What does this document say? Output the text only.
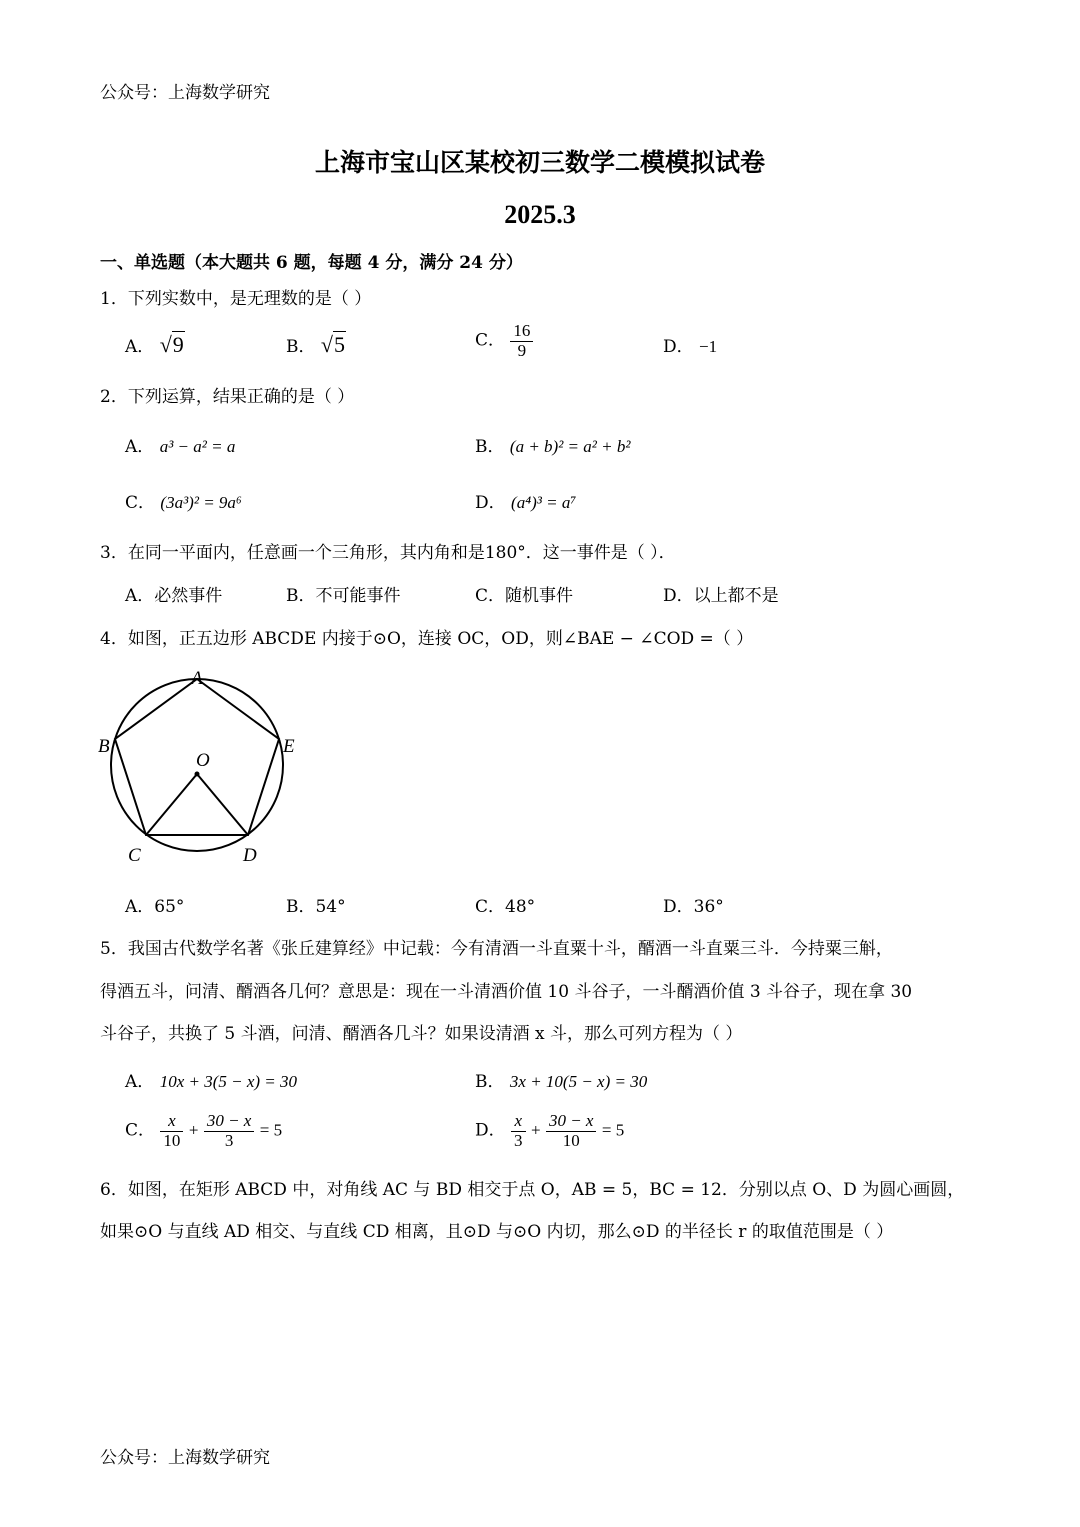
公众号：上海数学研究
上海市宝山区某校初三数学二模模拟试卷
2025.3
一、单选题（本大题共 6 题，每题 4 分，满分 24 分）
1．下列实数中，是无理数的是（ ）
A． √9	B． √5	C． $\frac{16}{9}$	D． −1
2．下列运算，结果正确的是（ ）
A． a³ − a² = a	B． (a + b)² = a² + b²
C． (3a³)² = 9a⁶	D． (a⁴)³ = a⁷
3．在同一平面内，任意画一个三角形，其内角和是180°．这一事件是（ ）．
A．必然事件	B．不可能事件	C．随机事件	D．以上都不是
4．如图，正五边形 ABCDE 内接于⊙O，连接 OC，OD，则∠BAE − ∠COD =（ ）
A
B
C	D
E
O
A．65°	B．54°	C．48°	D．36°
5．我国古代数学名著《张丘建算经》中记载：今有清酒一斗直粟十斗，醑酒一斗直粟三斗．今持粟三斛，
得酒五斗，问清、醑酒各几何？意思是：现在一斗清酒价值 10 斗谷子，一斗醑酒价值 3 斗谷子，现在拿 30
斗谷子，共换了 5 斗酒，问清、醑酒各几斗？如果设清酒 x 斗，那么可列方程为（ ）
A． 10x + 3(5 − x) = 30	B． 3x + 10(5 − x) = 30
C． $\frac{x}{10} + \frac{30 - x}{3} = 5$	D． $\frac{x}{3} + \frac{30 - x}{10} = 5$
6．如图，在矩形 ABCD 中，对角线 AC 与 BD 相交于点 O，AB = 5，BC = 12．分别以点 O、D 为圆心画圆，
如果⊙O 与直线 AD 相交、与直线 CD 相离，且⊙D 与⊙O 内切，那么⊙D 的半径长 r 的取值范围是（ ）
公众号：上海数学研究
